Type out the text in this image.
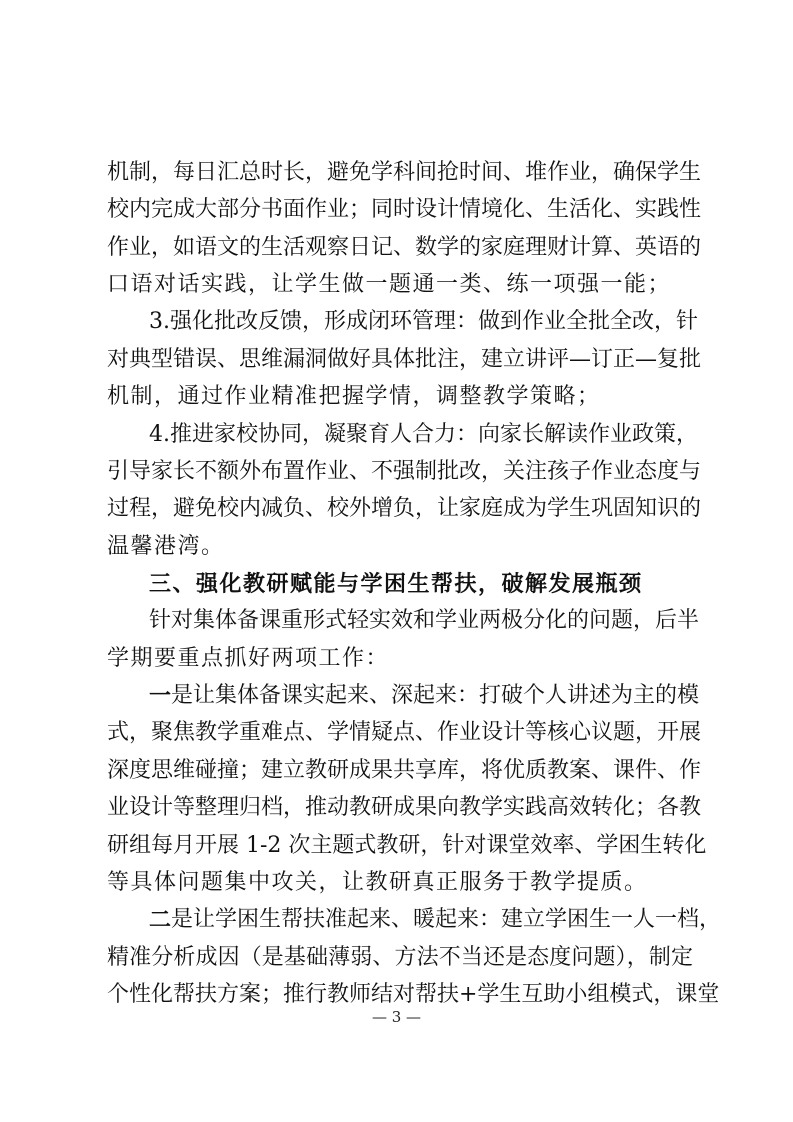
机制，每日汇总时长，避免学科间抢时间、堆作业，确保学生
校内完成大部分书面作业；同时设计情境化、生活化、实践性
作业，如语文的生活观察日记、数学的家庭理财计算、英语的
口语对话实践，让学生做一题通一类、练一项强一能；
3.强化批改反馈，形成闭环管理：做到作业全批全改，针
对典型错误、思维漏洞做好具体批注，建立讲评—订正—复批
机制，通过作业精准把握学情，调整教学策略；
4.推进家校协同，凝聚育人合力：向家长解读作业政策，
引导家长不额外布置作业、不强制批改，关注孩子作业态度与
过程，避免校内减负、校外增负，让家庭成为学生巩固知识的
温馨港湾。
三、强化教研赋能与学困生帮扶，破解发展瓶颈
针对集体备课重形式轻实效和学业两极分化的问题，后半
学期要重点抓好两项工作：
一 是让集体备课实起来、深起来：打破个人讲述为主的模
式，聚焦教学重难点、学情疑点、作业设计等核心议题，开展
深度思维碰撞；建立教研成果共享库，将优质教案、课件、作
业设计等整理归档，推动教研成果向教学实践高效转化；各教
研组每月开展 1-2 次主题式教研，针对课堂效率、学困生转化
等具体问题集中攻关，让教研真正服务于教学提质。
二 是让学困生帮扶准起来、暖起来：建立学困生一人一档，
精准分析成因（是基础薄弱、方法不当还是态度问题），制定
个性化帮扶方案；推行教师结对帮扶+学生互助小组模式，课堂
— 3 —
